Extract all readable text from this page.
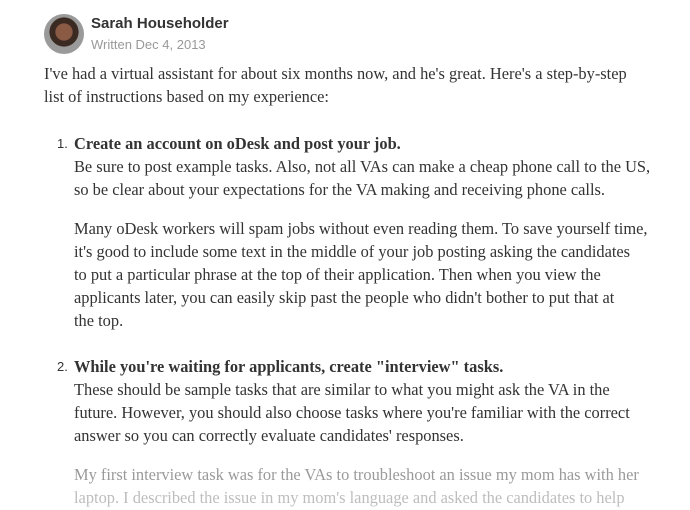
Sarah Householder
Written Dec 4, 2013
I've had a virtual assistant for about six months now, and he's great. Here's a step-by-step
list of instructions based on my experience:
1. Create an account on oDesk and post your job.
Be sure to post example tasks. Also, not all VAs can make a cheap phone call to the US,
so be clear about your expectations for the VA making and receiving phone calls.
Many oDesk workers will spam jobs without even reading them. To save yourself time,
it's good to include some text in the middle of your job posting asking the candidates
to put a particular phrase at the top of their application. Then when you view the
applicants later, you can easily skip past the people who didn't bother to put that at
the top.
2. While you're waiting for applicants, create "interview" tasks.
These should be sample tasks that are similar to what you might ask the VA in the
future. However, you should also choose tasks where you're familiar with the correct
answer so you can correctly evaluate candidates' responses.
My first interview task was for the VAs to troubleshoot an issue my mom has with her
laptop. I described the issue in my mom's language and asked the candidates to help
